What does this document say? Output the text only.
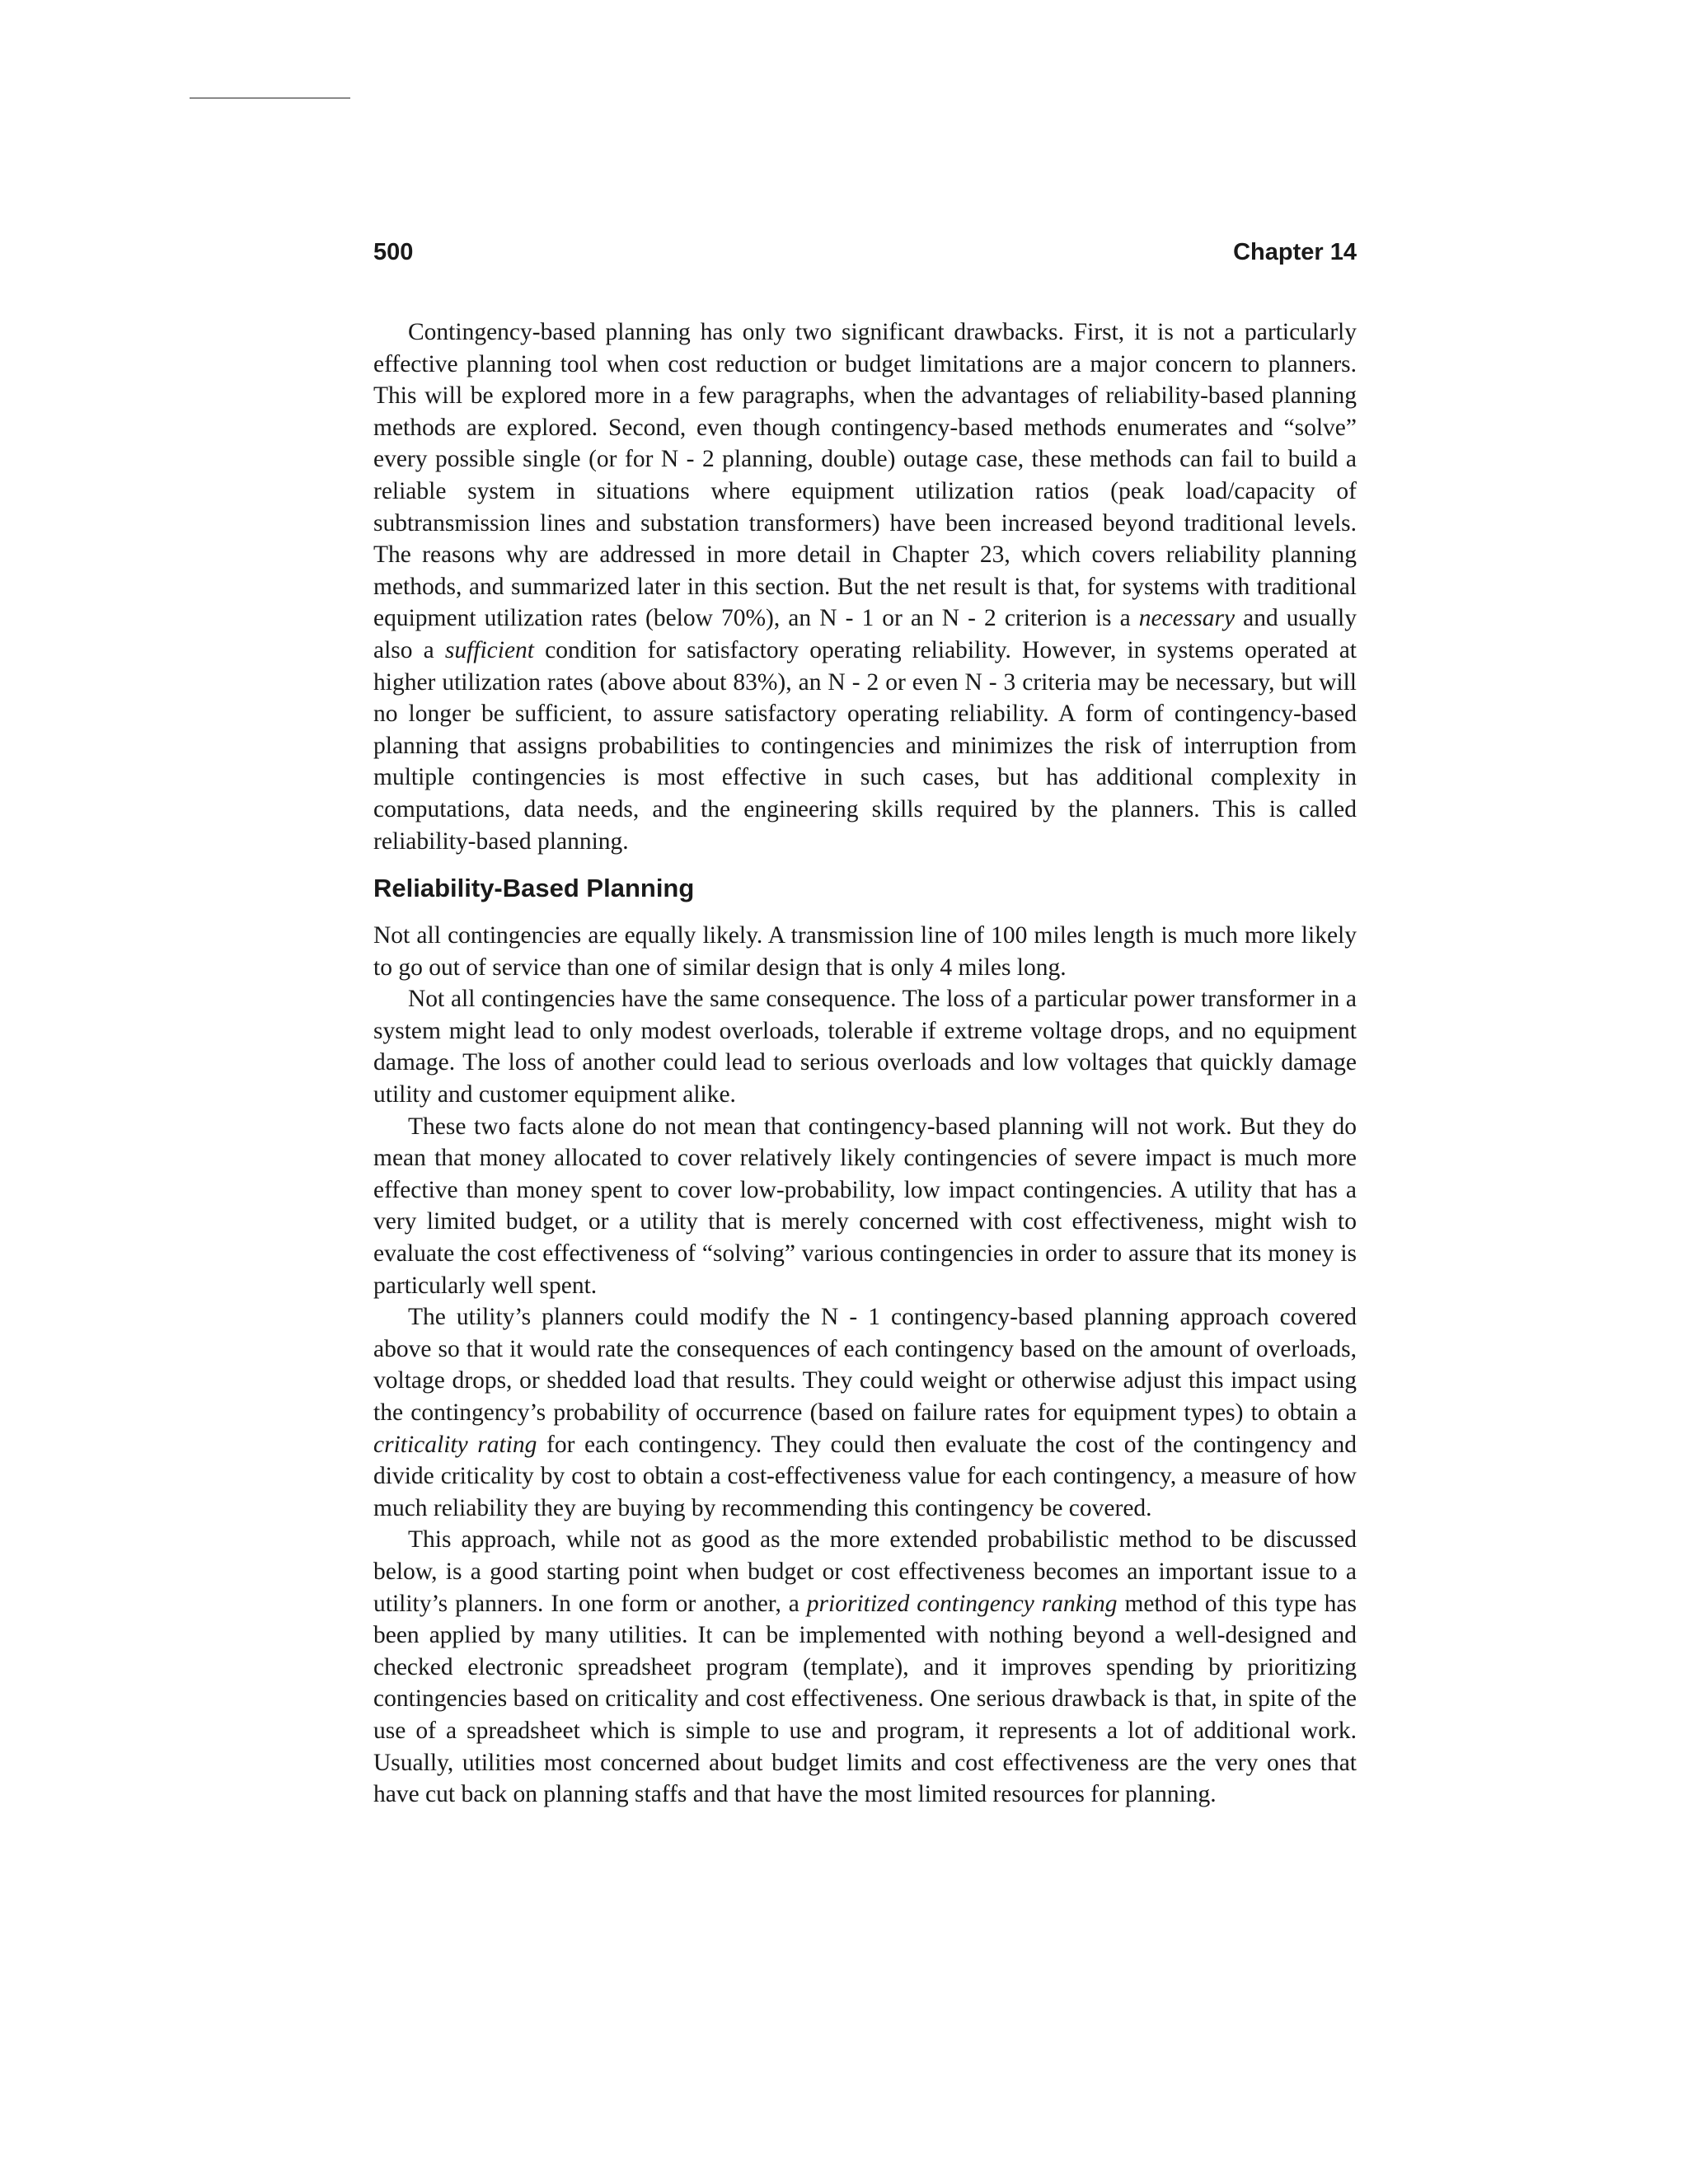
500	Chapter 14

Contingency-based planning has only two significant drawbacks. First, it is not a particularly effective planning tool when cost reduction or budget limitations are a major concern to planners. This will be explored more in a few paragraphs, when the advantages of reliability-based planning methods are explored. Second, even though contingency-based methods enumerates and “solve” every possible single (or for N - 2 planning, double) outage case, these methods can fail to build a reliable system in situations where equipment utilization ratios (peak load/capacity of subtransmission lines and substation transformers) have been increased beyond traditional levels. The reasons why are addressed in more detail in Chapter 23, which covers reliability planning methods, and summarized later in this section. But the net result is that, for systems with traditional equipment utilization rates (below 70%), an N - 1 or an N - 2 criterion is a necessary and usually also a sufficient condition for satisfactory operating reliability. However, in systems operated at higher utilization rates (above about 83%), an N - 2 or even N - 3 criteria may be necessary, but will no longer be sufficient, to assure satisfactory operating reliability. A form of contingency-based planning that assigns probabilities to contingencies and minimizes the risk of interruption from multiple contingencies is most effective in such cases, but has additional complexity in computations, data needs, and the engineering skills required by the planners. This is called reliability-based planning.

Reliability-Based Planning

Not all contingencies are equally likely. A transmission line of 100 miles length is much more likely to go out of service than one of similar design that is only 4 miles long.

Not all contingencies have the same consequence. The loss of a particular power transformer in a system might lead to only modest overloads, tolerable if extreme voltage drops, and no equipment damage. The loss of another could lead to serious overloads and low voltages that quickly damage utility and customer equipment alike.

These two facts alone do not mean that contingency-based planning will not work. But they do mean that money allocated to cover relatively likely contingencies of severe impact is much more effective than money spent to cover low-probability, low impact contingencies. A utility that has a very limited budget, or a utility that is merely concerned with cost effectiveness, might wish to evaluate the cost effectiveness of “solving” various contingencies in order to assure that its money is particularly well spent.

The utility’s planners could modify the N - 1 contingency-based planning approach covered above so that it would rate the consequences of each contingency based on the amount of overloads, voltage drops, or shedded load that results. They could weight or otherwise adjust this impact using the contingency’s probability of occurrence (based on failure rates for equipment types) to obtain a criticality rating for each contingency. They could then evaluate the cost of the contingency and divide criticality by cost to obtain a cost-effectiveness value for each contingency, a measure of how much reliability they are buying by recommending this contingency be covered.

This approach, while not as good as the more extended probabilistic method to be discussed below, is a good starting point when budget or cost effectiveness becomes an important issue to a utility’s planners. In one form or another, a prioritized contingency ranking method of this type has been applied by many utilities. It can be implemented with nothing beyond a well-designed and checked electronic spreadsheet program (template), and it improves spending by prioritizing contingencies based on criticality and cost effectiveness. One serious drawback is that, in spite of the use of a spreadsheet which is simple to use and program, it represents a lot of additional work. Usually, utilities most concerned about budget limits and cost effectiveness are the very ones that have cut back on planning staffs and that have the most limited resources for planning.
